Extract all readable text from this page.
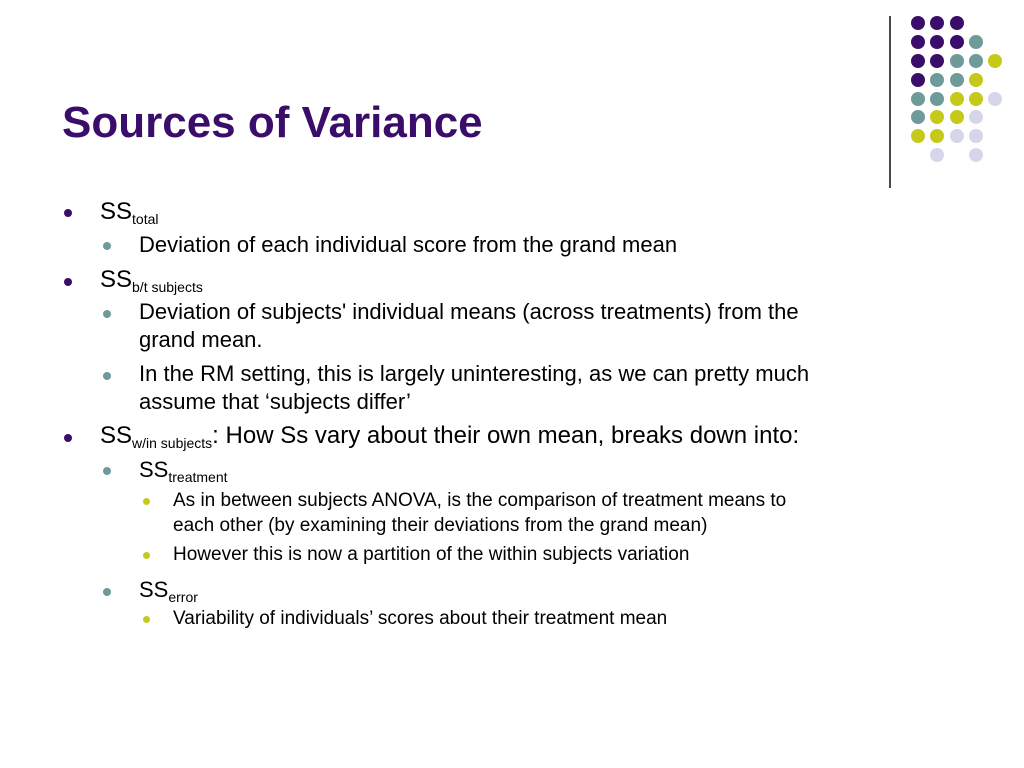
Sources of Variance
$SS_{total}$
Deviation of each individual score from the grand mean
$SS_{b/t subjects}$
Deviation of subjects' individual means (across treatments) from the
grand mean.
In the RM setting, this is largely uninteresting, as we can pretty much
assume that ‘subjects differ’
$SS_{w/in subjects}$: How Ss vary about their own mean, breaks down into:
$SS_{treatment}$
As in between subjects ANOVA, is the comparison of treatment means to
each other (by examining their deviations from the grand mean)
However this is now a partition of the within subjects variation
$SS_{error}$
Variability of individuals’ scores about their treatment mean
